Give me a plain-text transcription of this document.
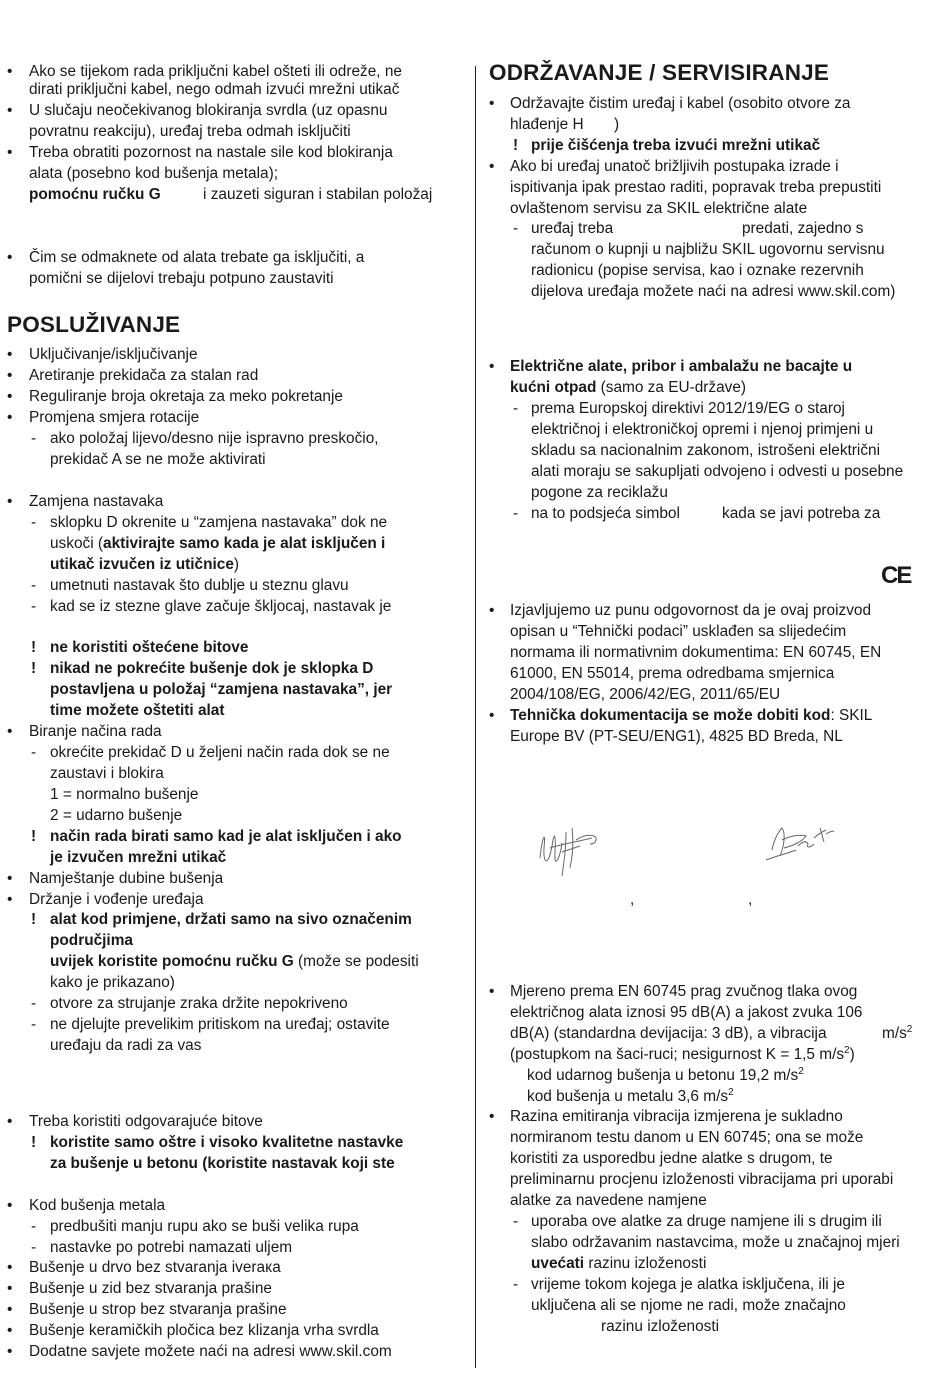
• Ako se tijekom rada priključni kabel ošteti ili odreže, ne
dirati priključni kabel, nego odmah izvući mrežni utikač
• U slučaju neočekivanog blokiranja svrdla (uz opasnu
povratnu reakciju), uređaj treba odmah isključiti
• Treba obratiti pozornost na nastale sile kod blokiranja
alata (posebno kod bušenja metala);
pomoćnu ručku G	i zauzeti siguran i stabilan položaj
• Čim se odmaknete od alata trebate ga isključiti, a
pomični se dijelovi trebaju potpuno zaustaviti
POSLUŽIVANJE
• Uključivanje/isključivanje
• Aretiranje prekidača za stalan rad
• Reguliranje broja okretaja za meko pokretanje
• Promjena smjera rotacije
- ako položaj lijevo/desno nije ispravno preskočio,
prekidač A se ne može aktivirati
• Zamjena nastavaka
- sklopku D okrenite u “zamjena nastavaka” dok ne
uskoči (aktivirajte samo kada je alat isključen i
utikač izvučen iz utičnice)
- umetnuti nastavak što dublje u steznu glavu
- kad se iz stezne glave začuje škljocaj, nastavak je
! ne koristiti oštećene bitove
! nikad ne pokrećite bušenje dok je sklopka D
postavljena u položaj “zamjena nastavaka”, jer
time možete oštetiti alat
• Biranje načina rada
- okrećite prekidač D u željeni način rada dok se ne
zaustavi i blokira
1 = normalno bušenje
2 = udarno bušenje
! način rada birati samo kad je alat isključen i ako
je izvučen mrežni utikač
• Namještanje dubine bušenja
• Držanje i vođenje uređaja
! alat kod primjene, držati samo na sivo označenim
područjima
uvijek koristite pomoćnu ručku G (može se podesiti
kako je prikazano)
- otvore za strujanje zraka držite nepokriveno
- ne djelujte prevelikim pritiskom na uređaj; ostavite
uređaju da radi za vas
• Treba koristiti odgovarajuće bitove
! koristite samo oštre i visoko kvalitetne nastavke
za bušenje u betonu (koristite nastavak koji ste
• Kod bušenja metala
- predbušiti manju rupu ako se buši velika rupa
- nastavke po potrebi namazati uljem
• Bušenje u drvo bez stvaranja iverака
• Bušenje u zid bez stvaranja prašine
• Bušenje u strop bez stvaranja prašine
• Bušenje keramičkih pločica bez klizanja vrha svrdla
• Dodatne savjete možete naći na adresi www.skil.com
ODRŽAVANJE / SERVISIRANJE
• Održavajte čistim uređaj i kabel (osobito otvore za
hlađenje H )
! prije čišćenja treba izvući mrežni utikač
• Ako bi uređaj unatoč brižljivih postupaka izrade i
ispitivanja ipak prestao raditi, popravak treba prepustiti
ovlaštenom servisu za SKIL električne alate
- uređaj treba	predati, zajedno s
računom o kupnji u najbližu SKIL ugovornu servisnu
radionicu (popise servisa, kao i oznake rezervnih
dijelova uređaja možete naći na adresi www.skil.com)
• Električne alate, pribor i ambalažu ne bacajte u
kućni otpad (samo za EU-države)
- prema Europskoj direktivi 2012/19/EG o starој
električnoj i elektroničkoj opremi i njenoj primjeni u
skladu sa nacionalnim zakonom, istrošeni električni
alati moraju se sakupljati odvojeno i odvesti u posebne
pogone za reciklažu
- na to podsjeća simbol	kada se javi potreba za
CE
• Izjavljujemo uz punu odgovornost da je ovaj proizvod
opisan u “Tehnički podaci” usklađen sa slijedećim
normama ili normativnim dokumentima: EN 60745, EN
61000, EN 55014, prema odredbama smjernica
2004/108/EG, 2006/42/EG, 2011/65/EU
• Tehnička dokumentacija se može dobiti kod: SKIL
Europe BV (PT-SEU/ENG1), 4825 BD Breda, NL
,	,
• Mjereno prema EN 60745 prag zvučnog tlaka ovog
električnog alata iznosi 95 dB(A) a jakost zvuka 106
dB(A) (standardna devijacija: 3 dB), a vibracija	$m/s^2$
(postupkom na šaci-ruci; nesigurnost K = 1,5 $m/s^2$)
kod udarnog bušenja u betonu 19,2 $m/s^2$
kod bušenja u metalu 3,6 $m/s^2$
• Razina emitiranja vibracija izmjerena je sukladno
normiranom testu danom u EN 60745; ona se može
koristiti za usporedbu jedne alatke s drugom, te
preliminarnu procjenu izloženosti vibracijama pri uporabi
alatke za navedene namjene
- uporaba ove alatke za druge namjene ili s drugim ili
slabo održavanim nastavcima, može u značajnoj mjeri
uvećati razinu izloženosti
- vrijeme tokom kojega je alatka isključena, ili je
uključena ali se njome ne radi, može značajno
razinu izloženosti
